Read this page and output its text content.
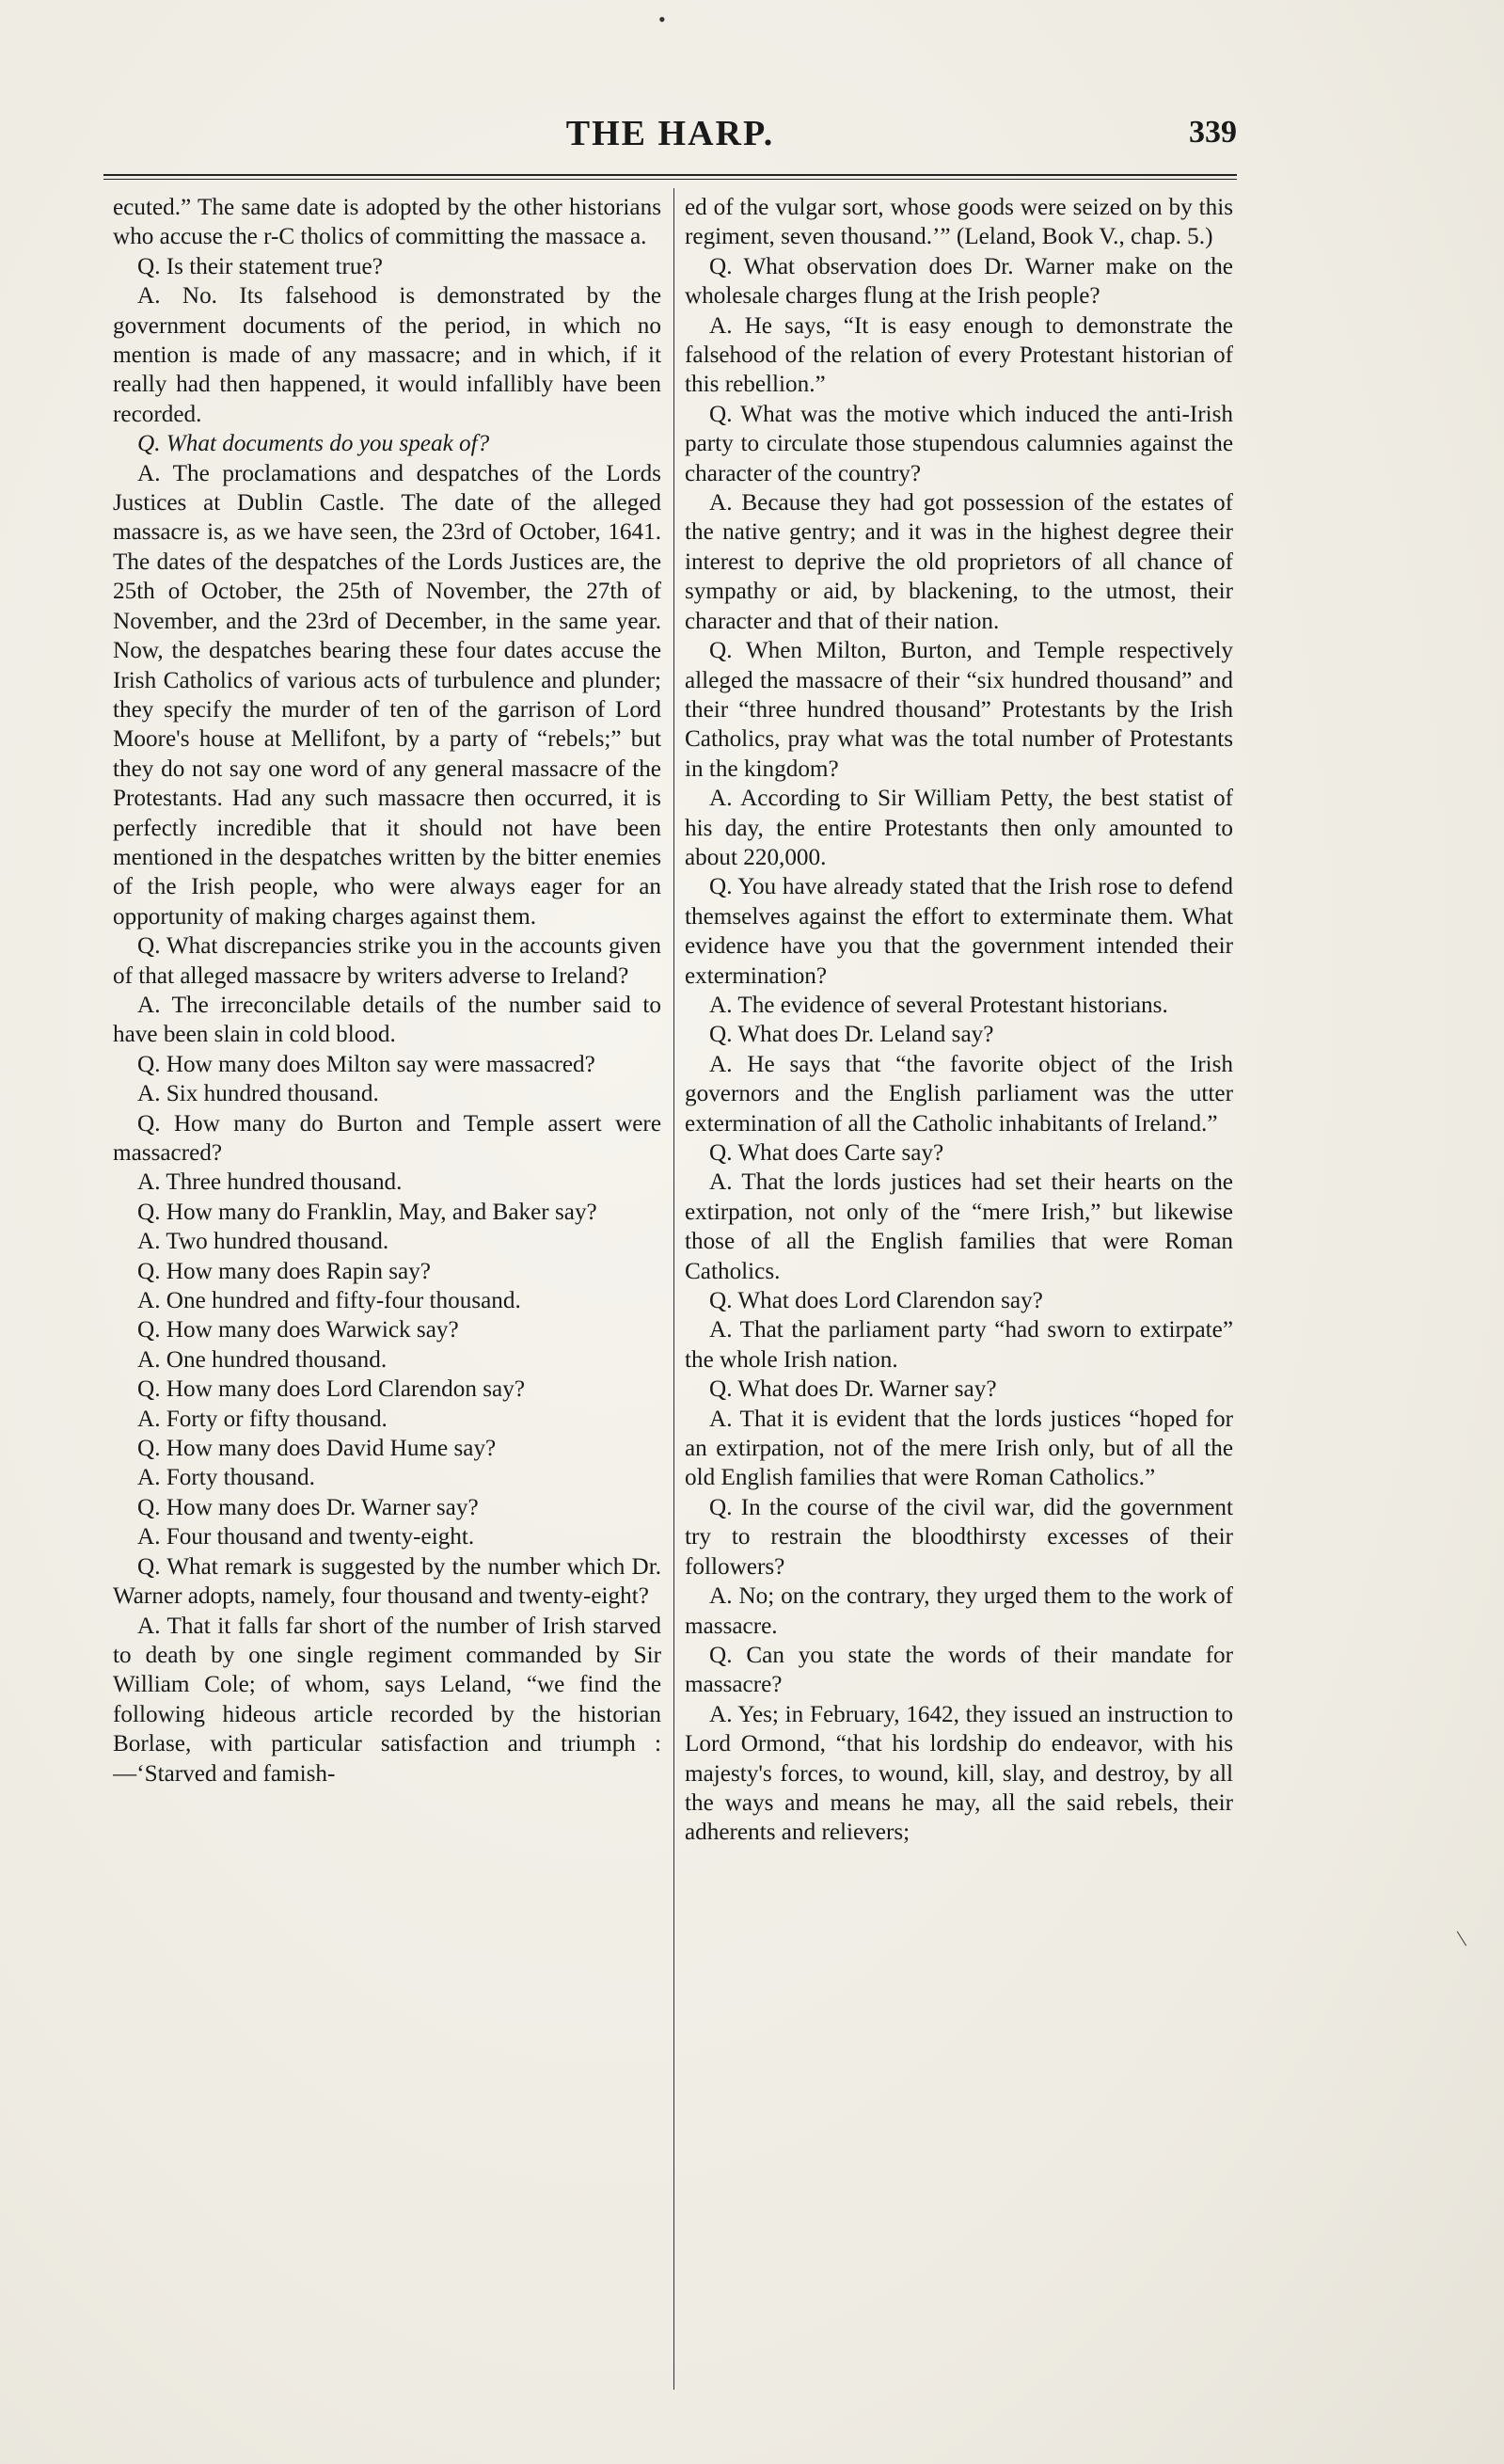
•
THE HARP.	339

ecuted.” The same date is adopted by the other historians who accuse the r-C tholics of committing the massace a.

Q. Is their statement true?

A. No. Its falsehood is demonstrated by the government documents of the period, in which no mention is made of any massacre; and in which, if it really had then happened, it would infallibly have been recorded.

Q. What documents do you speak of?

A. The proclamations and despatches of the Lords Justices at Dublin Castle. The date of the alleged massacre is, as we have seen, the 23rd of October, 1641. The dates of the despatches of the Lords Justices are, the 25th of October, the 25th of November, the 27th of November, and the 23rd of December, in the same year. Now, the despatches bearing these four dates accuse the Irish Catholics of various acts of turbulence and plunder; they specify the murder of ten of the garrison of Lord Moore's house at Mellifont, by a party of “rebels;” but they do not say one word of any general massacre of the Protestants. Had any such massacre then occurred, it is perfectly incredible that it should not have been mentioned in the despatches written by the bitter enemies of the Irish people, who were always eager for an opportunity of making charges against them.

Q. What discrepancies strike you in the accounts given of that alleged massacre by writers adverse to Ireland?

A. The irreconcilable details of the number said to have been slain in cold blood.

Q. How many does Milton say were massacred?

A. Six hundred thousand.

Q. How many do Burton and Temple assert were massacred?

A. Three hundred thousand.

Q. How many do Franklin, May, and Baker say?

A. Two hundred thousand.

Q. How many does Rapin say?

A. One hundred and fifty-four thousand.

Q. How many does Warwick say?

A. One hundred thousand.

Q. How many does Lord Clarendon say?

A. Forty or fifty thousand.

Q. How many does David Hume say?

A. Forty thousand.

Q. How many does Dr. Warner say?

A. Four thousand and twenty-eight.

Q. What remark is suggested by the number which Dr. Warner adopts, namely, four thousand and twenty-eight?

A. That it falls far short of the number of Irish starved to death by one single regiment commanded by Sir William Cole; of whom, says Leland, “we find the following hideous article recorded by the historian Borlase, with particular satisfaction and triumph :—‘Starved and famish-

ed of the vulgar sort, whose goods were seized on by this regiment, seven thousand.’” (Leland, Book V., chap. 5.)

Q. What observation does Dr. Warner make on the wholesale charges flung at the Irish people?

A. He says, “It is easy enough to demonstrate the falsehood of the relation of every Protestant historian of this rebellion.”

Q. What was the motive which induced the anti-Irish party to circulate those stupendous calumnies against the character of the country?

A. Because they had got possession of the estates of the native gentry; and it was in the highest degree their interest to deprive the old proprietors of all chance of sympathy or aid, by blackening, to the utmost, their character and that of their nation.

Q. When Milton, Burton, and Temple respectively alleged the massacre of their “six hundred thousand” and their “three hundred thousand” Protestants by the Irish Catholics, pray what was the total number of Protestants in the kingdom?

A. According to Sir William Petty, the best statist of his day, the entire Protestants then only amounted to about 220,000.

Q. You have already stated that the Irish rose to defend themselves against the effort to exterminate them. What evidence have you that the government intended their extermination?

A. The evidence of several Protestant historians.

Q. What does Dr. Leland say?

A. He says that “the favorite object of the Irish governors and the English parliament was the utter extermination of all the Catholic inhabitants of Ireland.”

Q. What does Carte say?

A. That the lords justices had set their hearts on the extirpation, not only of the “mere Irish,” but likewise those of all the English families that were Roman Catholics.

Q. What does Lord Clarendon say?

A. That the parliament party “had sworn to extirpate” the whole Irish nation.

Q. What does Dr. Warner say?

A. That it is evident that the lords justices “hoped for an extirpation, not of the mere Irish only, but of all the old English families that were Roman Catholics.”

Q. In the course of the civil war, did the government try to restrain the bloodthirsty excesses of their followers?

A. No; on the contrary, they urged them to the work of massacre.

Q. Can you state the words of their mandate for massacre?

A. Yes; in February, 1642, they issued an instruction to Lord Ormond, “that his lordship do endeavor, with his majesty's forces, to wound, kill, slay, and destroy, by all the ways and means he may, all the said rebels, their adherents and relievers;
